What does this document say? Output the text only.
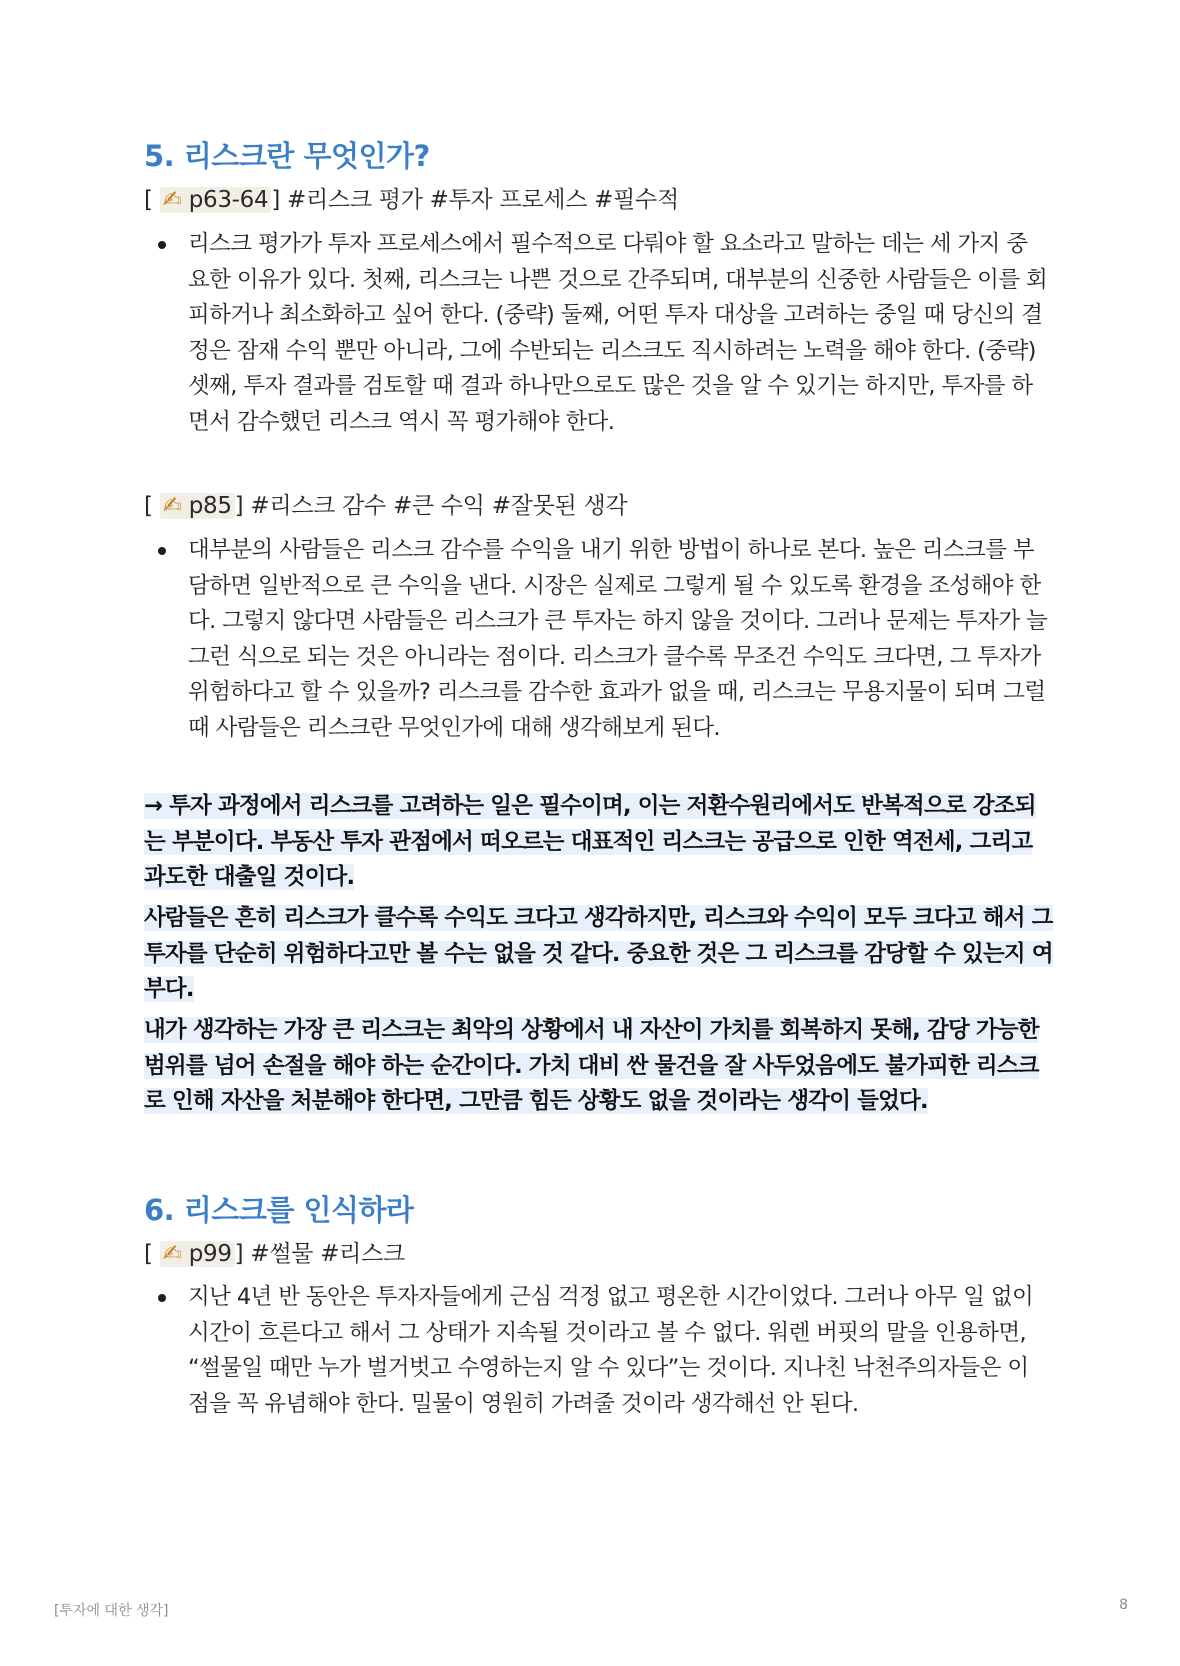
5. 리스크란 무엇인가?
[ ✍ p63-64 ] #리스크 평가 #투자 프로세스 #필수적
리스크 평가가 투자 프로세스에서 필수적으로 다뤄야 할 요소라고 말하는 데는 세 가지 중요한 이유가 있다. 첫째, 리스크는 나쁜 것으로 간주되며, 대부분의 신중한 사람들은 이를 회피하거나 최소화하고 싶어 한다. (중략) 둘째, 어떤 투자 대상을 고려하는 중일 때 당신의 결정은 잠재 수익 뿐만 아니라, 그에 수반되는 리스크도 직시하려는 노력을 해야 한다. (중략) 셋째, 투자 결과를 검토할 때 결과 하나만으로도 많은 것을 알 수 있기는 하지만, 투자를 하면서 감수했던 리스크 역시 꼭 평가해야 한다.
[ ✍ p85 ] #리스크 감수 #큰 수익 #잘못된 생각
대부분의 사람들은 리스크 감수를 수익을 내기 위한 방법이 하나로 본다. 높은 리스크를 부담하면 일반적으로 큰 수익을 낸다. 시장은 실제로 그렇게 될 수 있도록 환경을 조성해야 한다. 그렇지 않다면 사람들은 리스크가 큰 투자는 하지 않을 것이다. 그러나 문제는 투자가 늘 그런 식으로 되는 것은 아니라는 점이다. 리스크가 클수록 무조건 수익도 크다면, 그 투자가 위험하다고 할 수 있을까? 리스크를 감수한 효과가 없을 때, 리스크는 무용지물이 되며 그럴 때 사람들은 리스크란 무엇인가에 대해 생각해보게 된다.

→ 투자 과정에서 리스크를 고려하는 일은 필수이며, 이는 저환수원리에서도 반복적으로 강조되는 부분이다. 부동산 투자 관점에서 떠오르는 대표적인 리스크는 공급으로 인한 역전세, 그리고 과도한 대출일 것이다.

사람들은 흔히 리스크가 클수록 수익도 크다고 생각하지만, 리스크와 수익이 모두 크다고 해서 그 투자를 단순히 위험하다고만 볼 수는 없을 것 같다. 중요한 것은 그 리스크를 감당할 수 있는지 여부다.

내가 생각하는 가장 큰 리스크는 최악의 상황에서 내 자산이 가치를 회복하지 못해, 감당 가능한 범위를 넘어 손절을 해야 하는 순간이다. 가치 대비 싼 물건을 잘 사두었음에도 불가피한 리스크로 인해 자산을 처분해야 한다면, 그만큼 힘든 상황도 없을 것이라는 생각이 들었다.

6. 리스크를 인식하라
[ ✍ p99 ] #썰물 #리스크
지난 4년 반 동안은 투자자들에게 근심 걱정 없고 평온한 시간이었다. 그러나 아무 일 없이 시간이 흐른다고 해서 그 상태가 지속될 것이라고 볼 수 없다. 워렌 버핏의 말을 인용하면, “썰물일 때만 누가 벌거벗고 수영하는지 알 수 있다”는 것이다. 지나친 낙천주의자들은 이 점을 꼭 유념해야 한다. 밀물이 영원히 가려줄 것이라 생각해선 안 된다.
[투자에 대한 생각]	8
